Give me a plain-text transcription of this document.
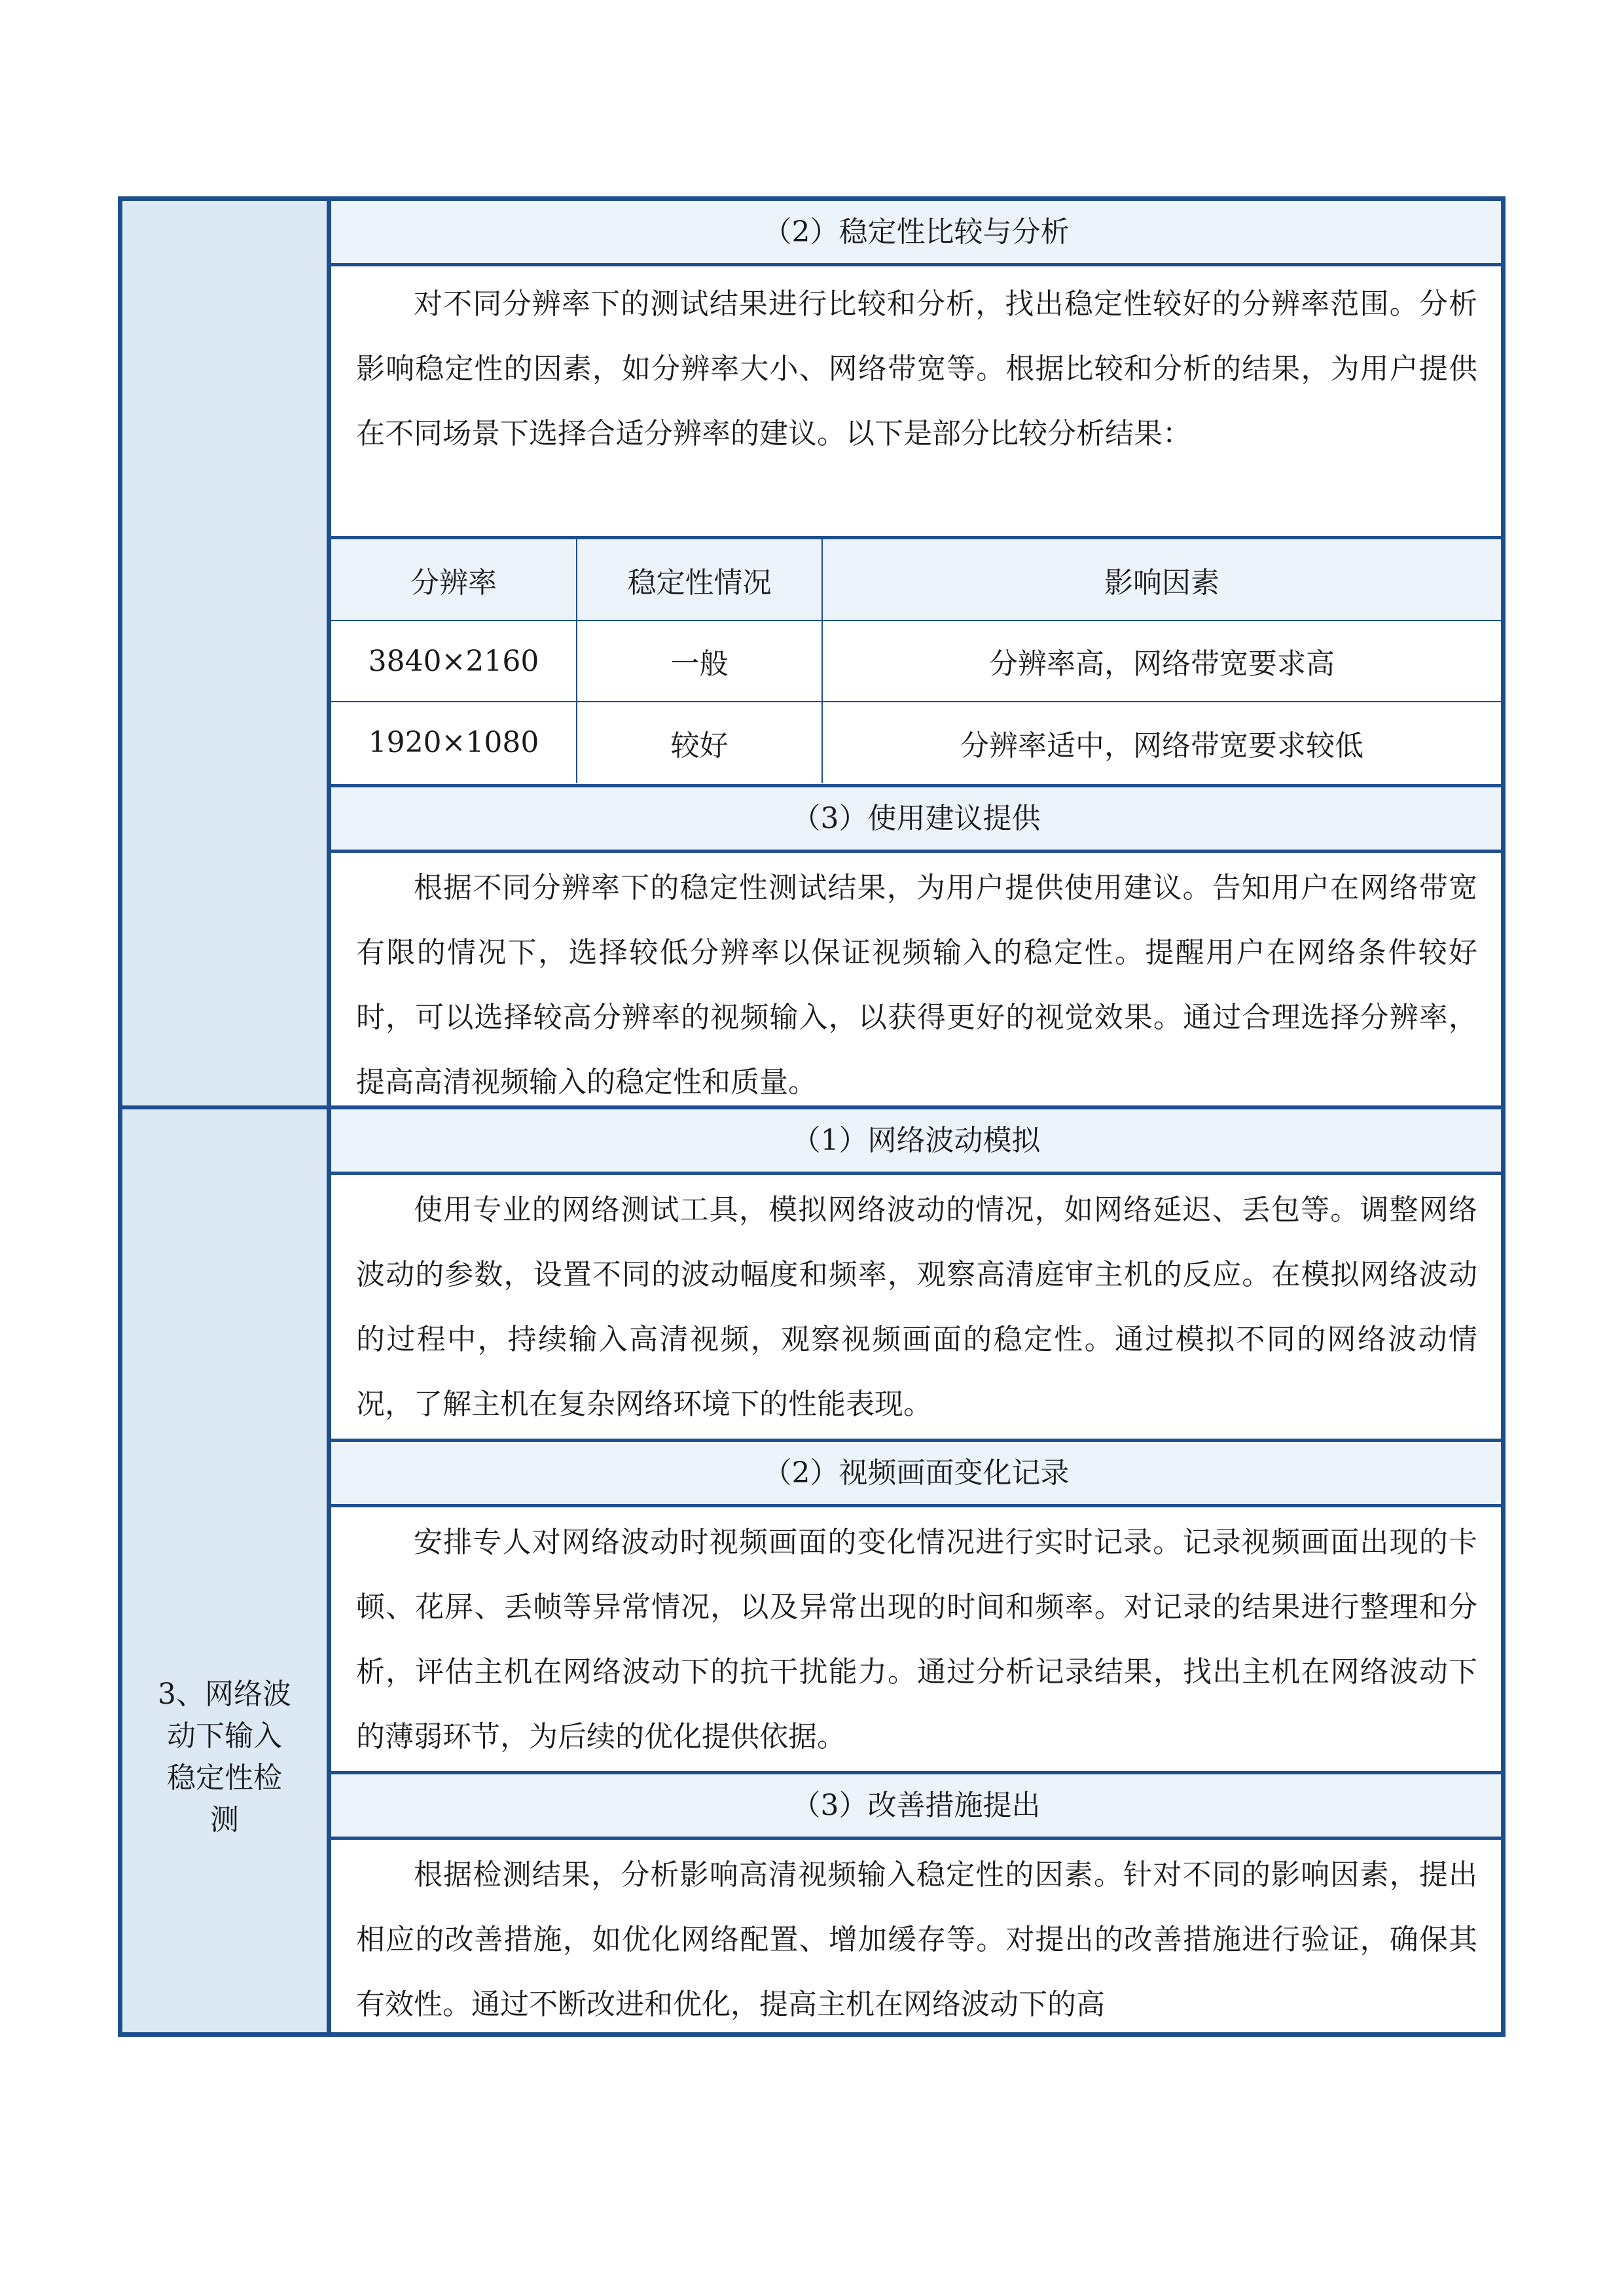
3、网络波
动下输入
稳定性检
测
（2）稳定性比较与分析
对不同分辨率下的测试结果进行比较和分析，找出稳定性较好的分辨率范围。分析影响稳定性的因素，如分辨率大小、网络带宽等。根据比较和分析的结果，为用户提供在不同场景下选择合适分辨率的建议。以下是部分比较分析结果：
分辨率	稳定性情况	影响因素
3840×2160	一般	分辨率高，网络带宽要求高
1920×1080	较好	分辨率适中，网络带宽要求较低
（3）使用建议提供
根据不同分辨率下的稳定性测试结果，为用户提供使用建议。告知用户在网络带宽有限的情况下，选择较低分辨率以保证视频输入的稳定性。提醒用户在网络条件较好时，可以选择较高分辨率的视频输入，以获得更好的视觉效果。通过合理选择分辨率，提高高清视频输入的稳定性和质量。
（1）网络波动模拟
使用专业的网络测试工具，模拟网络波动的情况，如网络延迟、丢包等。调整网络波动的参数，设置不同的波动幅度和频率，观察高清庭审主机的反应。在模拟网络波动的过程中，持续输入高清视频，观察视频画面的稳定性。通过模拟不同的网络波动情况，了解主机在复杂网络环境下的性能表现。
（2）视频画面变化记录
安排专人对网络波动时视频画面的变化情况进行实时记录。记录视频画面出现的卡顿、花屏、丢帧等异常情况，以及异常出现的时间和频率。对记录的结果进行整理和分析，评估主机在网络波动下的抗干扰能力。通过分析记录结果，找出主机在网络波动下的薄弱环节，为后续的优化提供依据。
（3）改善措施提出
根据检测结果，分析影响高清视频输入稳定性的因素。针对不同的影响因素，提出相应的改善措施，如优化网络配置、增加缓存等。对提出的改善措施进行验证，确保其有效性。通过不断改进和优化，提高主机在网络波动下的高
